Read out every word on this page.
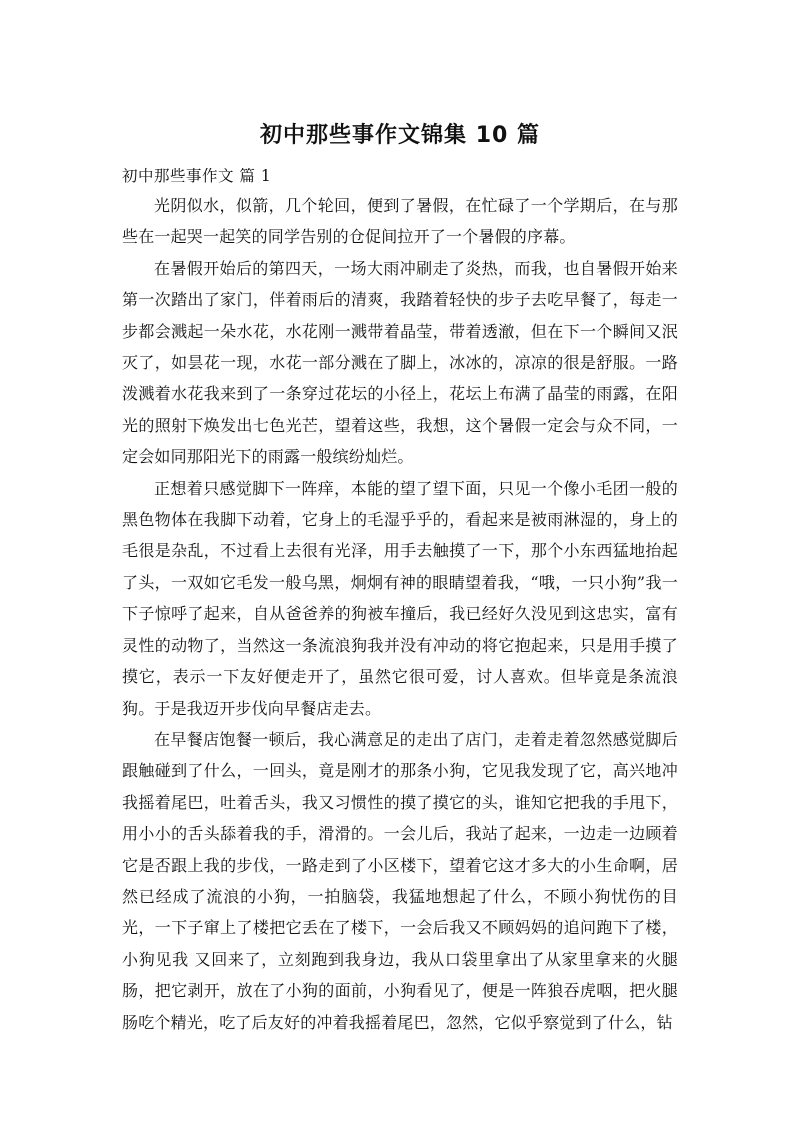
初中那些事作文锦集 10 篇
初中那些事作文 篇 1

光阴似水，似箭，几个轮回，便到了暑假，在忙碌了一个学期后，在与那些在一起哭一起笑的同学告别的仓促间拉开了一个暑假的序幕。

在暑假开始后的第四天，一场大雨冲刷走了炎热，而我，也自暑假开始来第一次踏出了家门，伴着雨后的清爽，我踏着轻快的步子去吃早餐了，每走一步都会溅起一朵水花，水花刚一溅带着晶莹，带着透澈，但在下一个瞬间又泯灭了，如昙花一现，水花一部分溅在了脚上，冰冰的，凉凉的很是舒服。一路泼溅着水花我来到了一条穿过花坛的小径上，花坛上布满了晶莹的雨露，在阳光的照射下焕发出七色光芒，望着这些，我想，这个暑假一定会与众不同，一定会如同那阳光下的雨露一般缤纷灿烂。

正想着只感觉脚下一阵痒，本能的望了望下面，只见一个像小毛团一般的黑色物体在我脚下动着，它身上的毛湿乎乎的，看起来是被雨淋湿的，身上的毛很是杂乱，不过看上去很有光泽，用手去触摸了一下，那个小东西猛地抬起了头，一双如它毛发一般乌黑，炯炯有神的眼睛望着我，“哦，一只小狗”我一下子惊呼了起来，自从爸爸养的狗被车撞后，我已经好久没见到这忠实，富有灵性的动物了，当然这一条流浪狗我并没有冲动的将它抱起来，只是用手摸了摸它，表示一下友好便走开了，虽然它很可爱，讨人喜欢。但毕竟是条流浪狗。于是我迈开步伐向早餐店走去。

在早餐店饱餐一顿后，我心满意足的走出了店门，走着走着忽然感觉脚后跟触碰到了什么，一回头，竟是刚才的那条小狗，它见我发现了它，高兴地冲我摇着尾巴，吐着舌头，我又习惯性的摸了摸它的头，谁知它把我的手甩下，用小小的舌头舔着我的手，滑滑的。一会儿后，我站了起来，一边走一边顾着它是否跟上我的步伐，一路走到了小区楼下，望着它这才多大的小生命啊，居然已经成了流浪的小狗，一拍脑袋，我猛地想起了什么，不顾小狗忧伤的目光，一下子窜上了楼把它丢在了楼下，一会后我又不顾妈妈的追问跑下了楼，小狗见我 又回来了，立刻跑到我身边，我从口袋里拿出了从家里拿来的火腿肠，把它剥开，放在了小狗的面前，小狗看见了，便是一阵狼吞虎咽，把火腿肠吃个精光，吃了后友好的冲着我摇着尾巴，忽然，它似乎察觉到了什么，钻
